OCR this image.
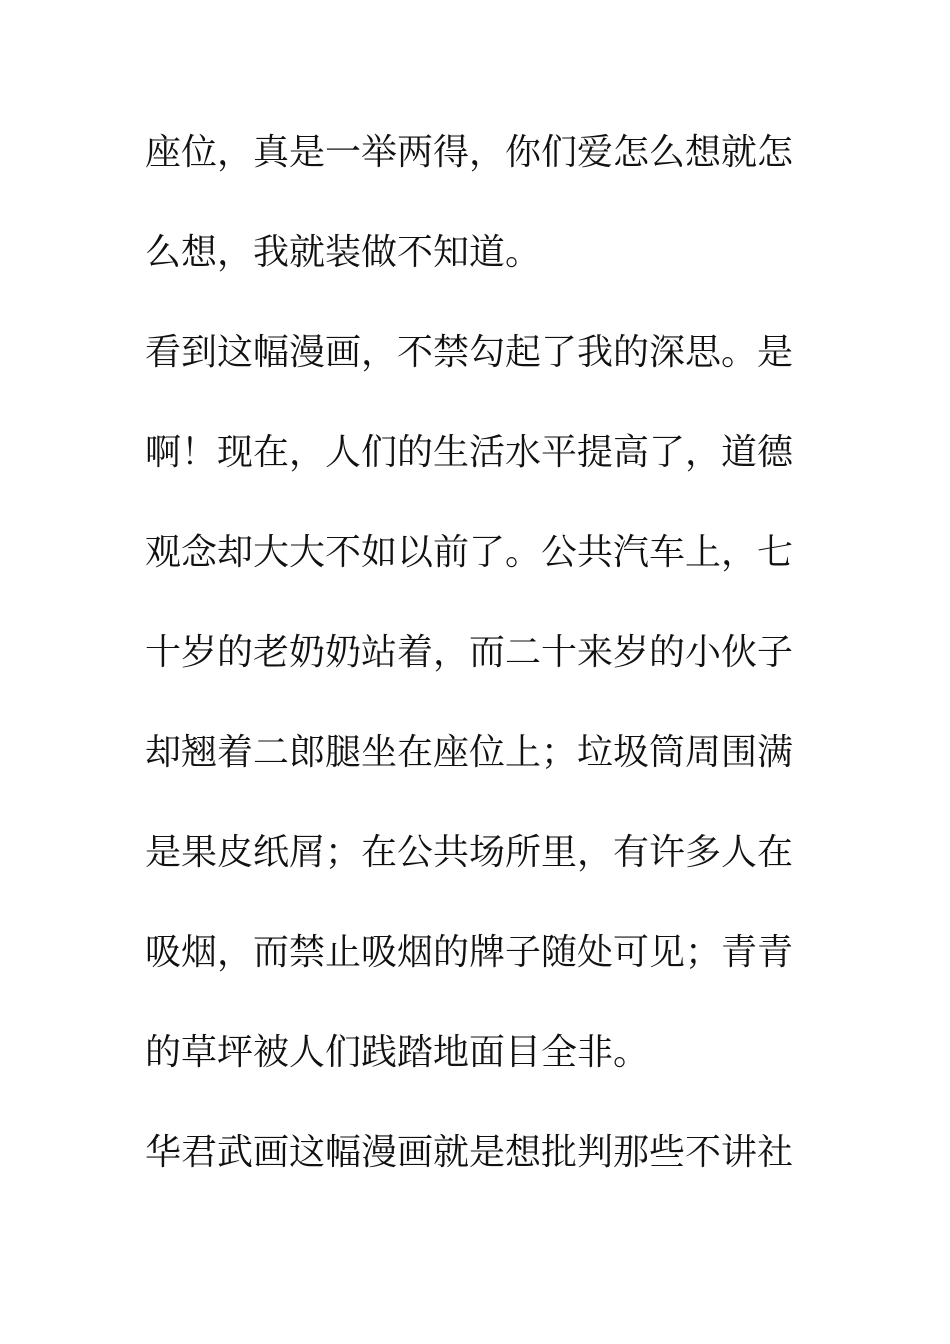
座位，真是一举两得，你们爱怎么想就怎

么想，我就装做不知道。

看到这幅漫画，不禁勾起了我的深思。是

啊！现在，人们的生活水平提高了，道德

观念却大大不如以前了。公共汽车上，七

十岁的老奶奶站着，而二十来岁的小伙子

却翘着二郎腿坐在座位上；垃圾筒周围满

是果皮纸屑；在公共场所里，有许多人在

吸烟，而禁止吸烟的牌子随处可见；青青

的草坪被人们践踏地面目全非。

华君武画这幅漫画就是想批判那些不讲社
